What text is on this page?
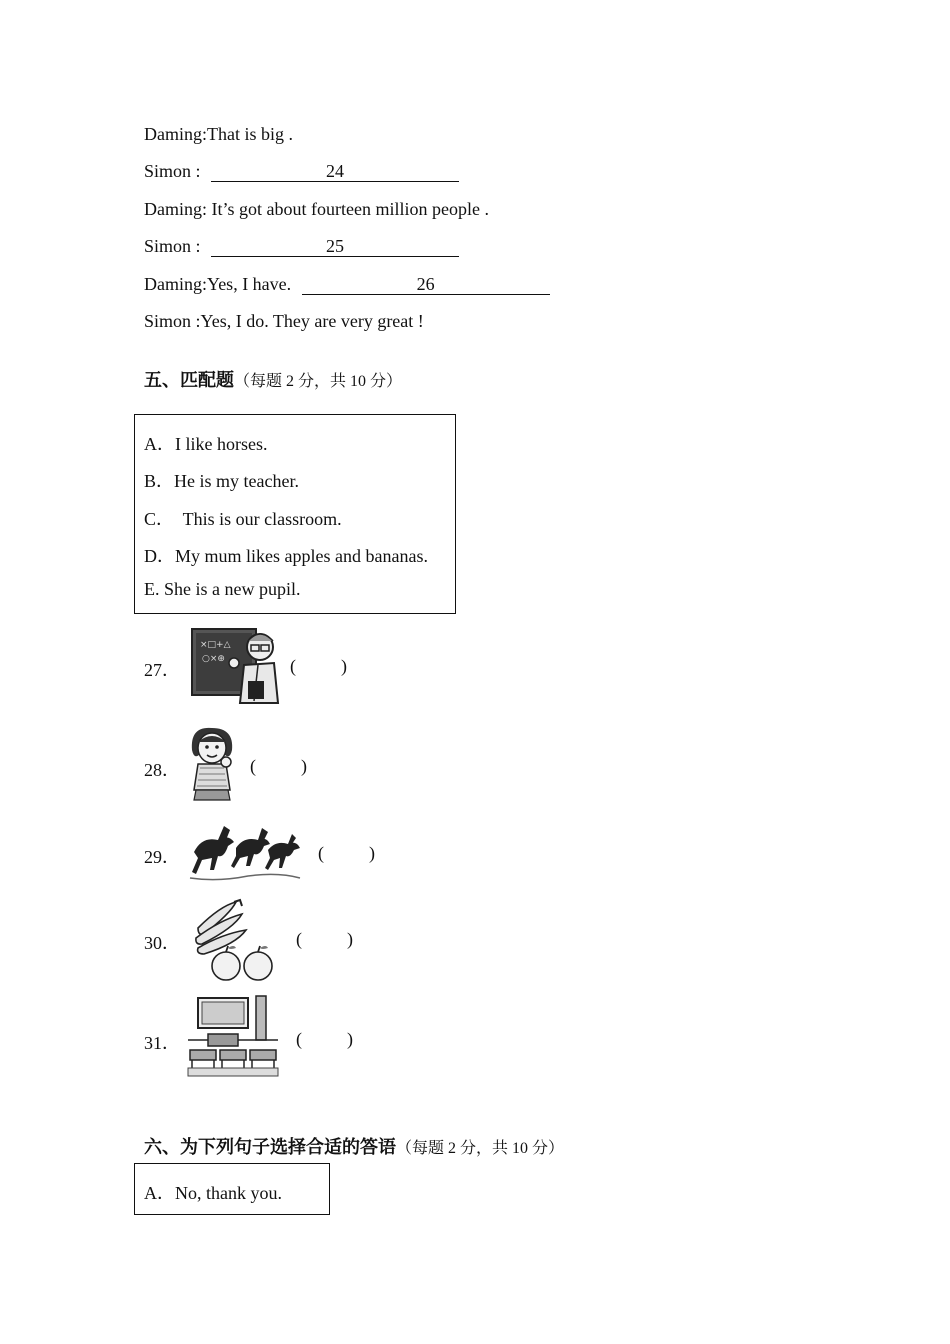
Daming:That is big .
Simon :	24
Daming: It’s got about fourteen million people .
Simon :	25
Daming:Yes, I have.	26
Simon :Yes, I do. They are very great !
五、匹配题（每题 2 分，共 10 分）
A．I like horses.
B．He is my teacher.
C．  This is our classroom.
D．My mum likes apples and bananas.
E. She is a new pupil.
27．
×□+△
○×⊕	(          )
28．	(          )
29．	(          )
30．	(          )
31．	(          )
六、为下列句子选择合适的答语（每题 2 分，共 10 分）
A．No, thank you.
